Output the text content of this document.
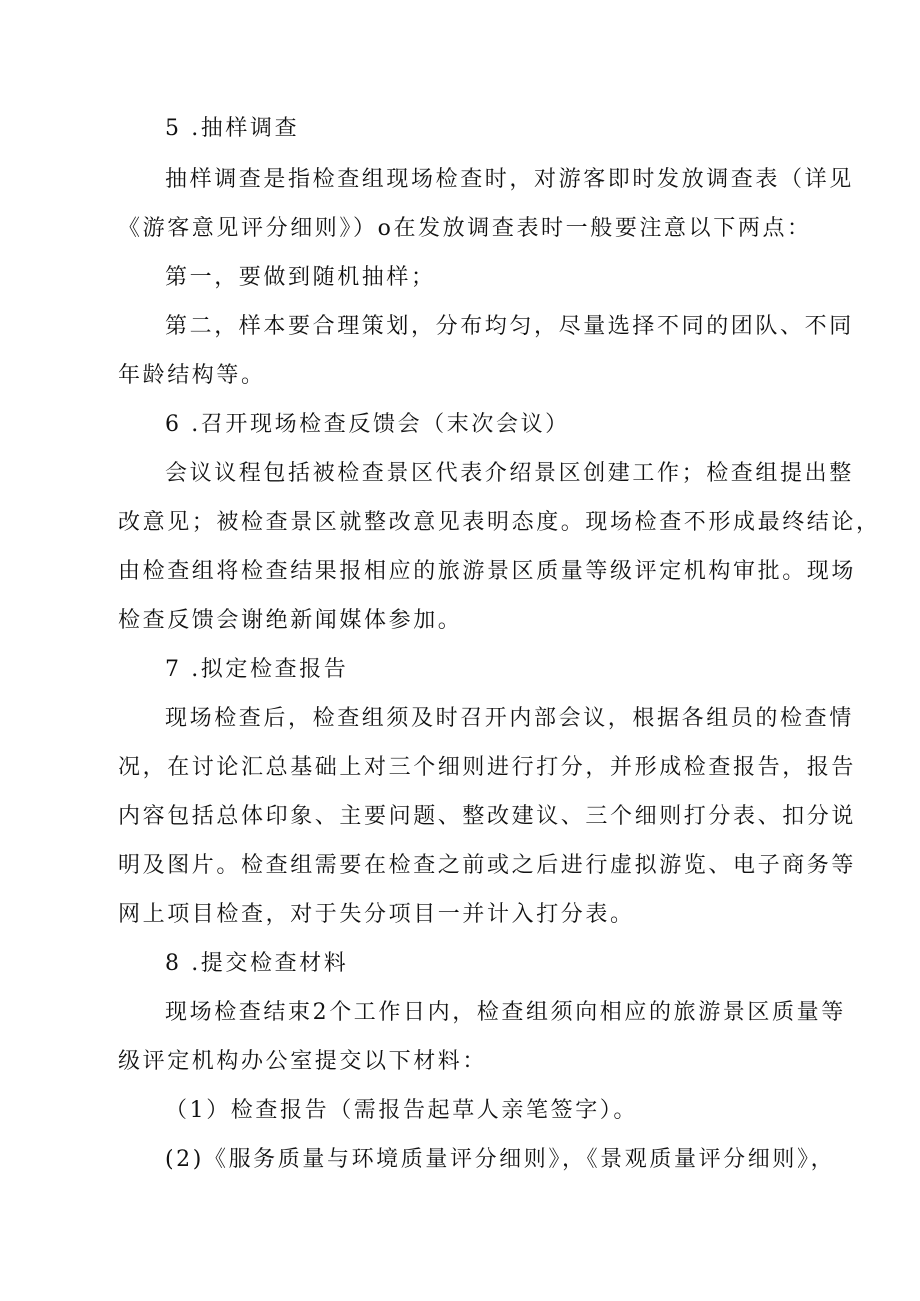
5 .抽样调查
抽样调查是指检查组现场检查时，对游客即时发放调查表（详见
《游客意见评分细则》）o在发放调查表时一般要注意以下两点：
第一，要做到随机抽样；
第二，样本要合理策划，分布均匀，尽量选择不同的团队、不同
年龄结构等。
6 .召开现场检查反馈会（末次会议）
会议议程包括被检查景区代表介绍景区创建工作；检查组提出整
改意见；被检查景区就整改意见表明态度。现场检查不形成最终结论，
由检查组将检查结果报相应的旅游景区质量等级评定机构审批。现场
检查反馈会谢绝新闻媒体参加。
7 .拟定检查报告
现场检查后，检查组须及时召开内部会议，根据各组员的检查情
况，在讨论汇总基础上对三个细则进行打分，并形成检查报告，报告
内容包括总体印象、主要问题、整改建议、三个细则打分表、扣分说
明及图片。检查组需要在检查之前或之后进行虚拟游览、电子商务等
网上项目检查，对于失分项目一并计入打分表。
8 .提交检查材料
现场检查结束2个工作日内，检查组须向相应的旅游景区质量等
级评定机构办公室提交以下材料：
（1）检查报告（需报告起草人亲笔签字）。
(2)《服务质量与环境质量评分细则》，《景观质量评分细则》，
